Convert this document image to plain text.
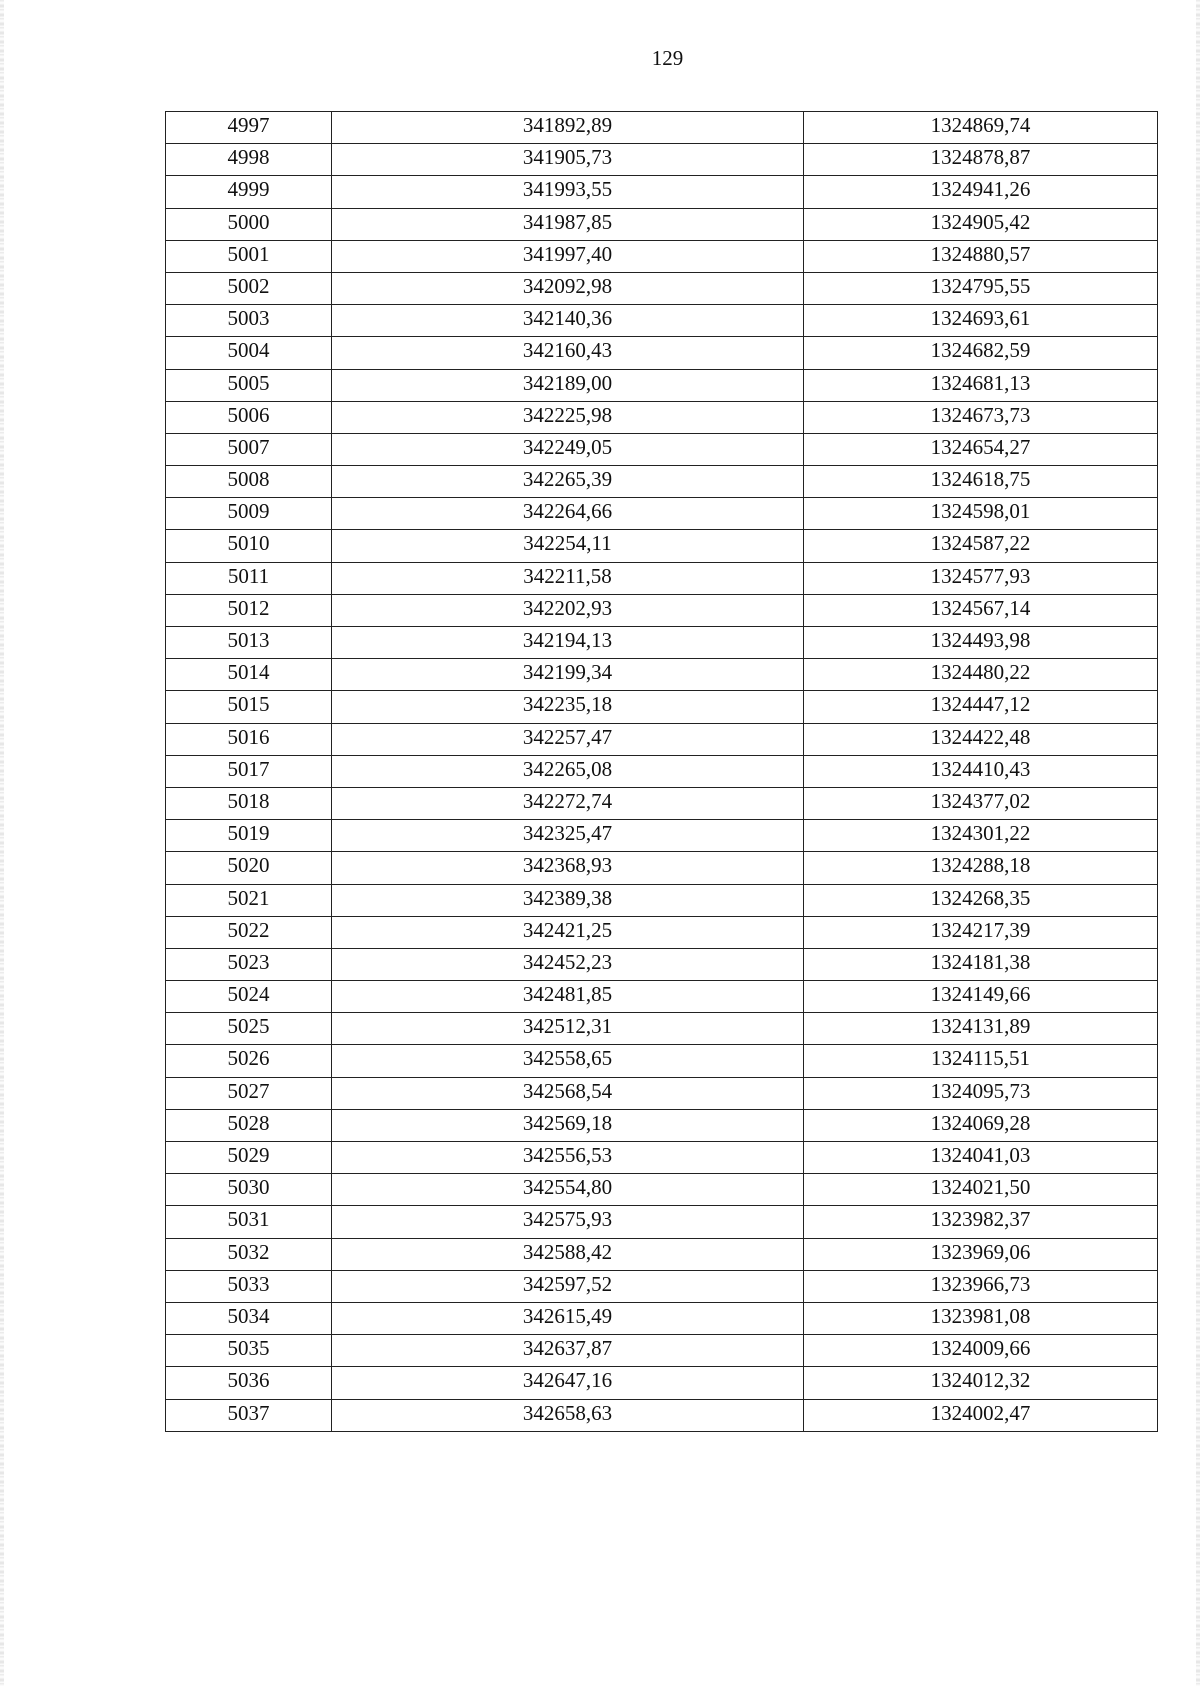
129
4997	341892,89	1324869,74
4998	341905,73	1324878,87
4999	341993,55	1324941,26
5000	341987,85	1324905,42
5001	341997,40	1324880,57
5002	342092,98	1324795,55
5003	342140,36	1324693,61
5004	342160,43	1324682,59
5005	342189,00	1324681,13
5006	342225,98	1324673,73
5007	342249,05	1324654,27
5008	342265,39	1324618,75
5009	342264,66	1324598,01
5010	342254,11	1324587,22
5011	342211,58	1324577,93
5012	342202,93	1324567,14
5013	342194,13	1324493,98
5014	342199,34	1324480,22
5015	342235,18	1324447,12
5016	342257,47	1324422,48
5017	342265,08	1324410,43
5018	342272,74	1324377,02
5019	342325,47	1324301,22
5020	342368,93	1324288,18
5021	342389,38	1324268,35
5022	342421,25	1324217,39
5023	342452,23	1324181,38
5024	342481,85	1324149,66
5025	342512,31	1324131,89
5026	342558,65	1324115,51
5027	342568,54	1324095,73
5028	342569,18	1324069,28
5029	342556,53	1324041,03
5030	342554,80	1324021,50
5031	342575,93	1323982,37
5032	342588,42	1323969,06
5033	342597,52	1323966,73
5034	342615,49	1323981,08
5035	342637,87	1324009,66
5036	342647,16	1324012,32
5037	342658,63	1324002,47
